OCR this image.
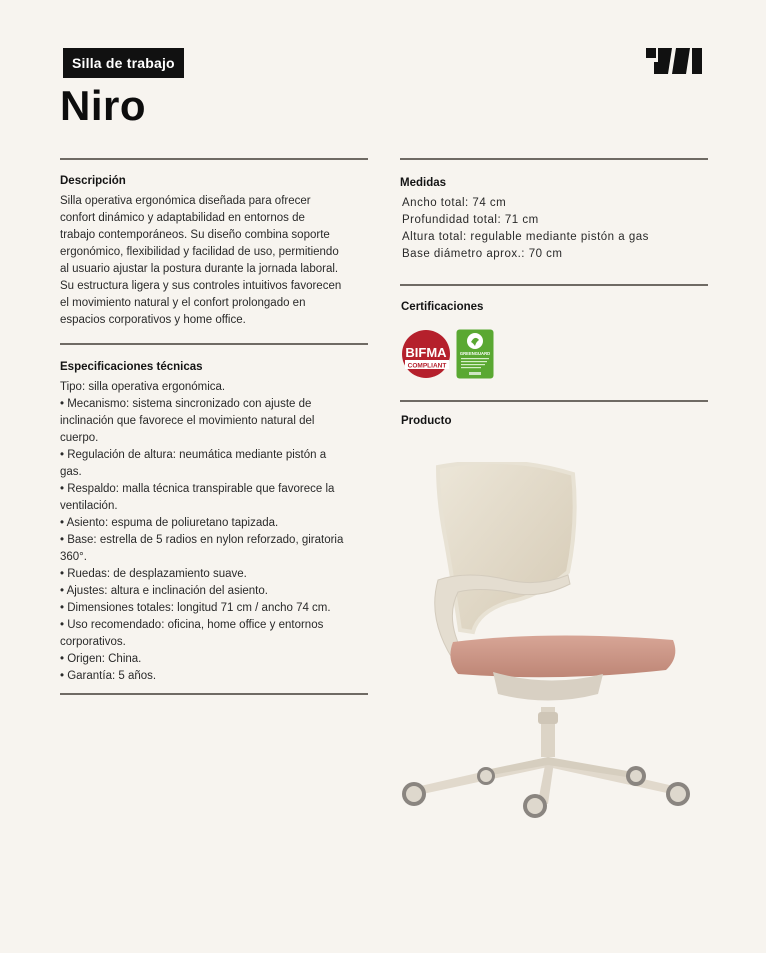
Silla de trabajo
Niro
Descripción

Silla operativa ergonómica diseñada para ofrecer

confort dinámico y adaptabilidad en entornos de

trabajo contemporáneos. Su diseño combina soporte

ergonómico, flexibilidad y facilidad de uso, permitiendo

al usuario ajustar la postura durante la jornada laboral.

Su estructura ligera y sus controles intuitivos favorecen

el movimiento natural y el confort prolongado en

espacios corporativos y home office.

Especificaciones técnicas

Tipo: silla operativa ergonómica.

• Mecanismo: sistema sincronizado con ajuste de

inclinación que favorece el movimiento natural del

cuerpo.

• Regulación de altura: neumática mediante pistón a

gas.

• Respaldo: malla técnica transpirable que favorece la

ventilación.

• Asiento: espuma de poliuretano tapizada.

• Base: estrella de 5 radios en nylon reforzado, giratoria

360°.

• Ruedas: de desplazamiento suave.

• Ajustes: altura e inclinación del asiento.

• Dimensiones totales: longitud 71 cm / ancho 74 cm.

• Uso recomendado: oficina, home office y entornos

corporativos.

• Origen: China.

• Garantía: 5 años.

Medidas

Ancho total: 74 cm

Profundidad total: 71 cm

Altura total: regulable mediante pistón a gas

Base diámetro aprox.: 70 cm

Certificaciones
BIFMA
COMPLIANT
GREENGUARD
Producto
